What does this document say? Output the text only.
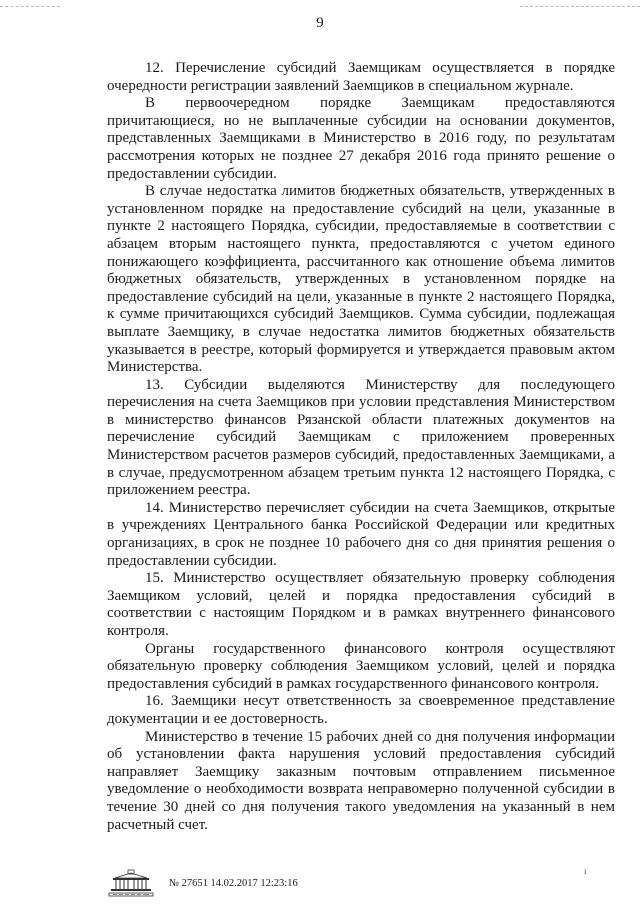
9

12. Перечисление субсидий Заемщикам осуществляется в порядке очередности регистрации заявлений Заемщиков в специальном журнале.

В первоочередном порядке Заемщикам предоставляются причитающиеся, но не выплаченные субсидии на основании документов, представленных Заемщиками в Министерство в 2016 году, по результатам рассмотрения которых не позднее 27 декабря 2016 года принято решение о предоставлении субсидии.

В случае недостатка лимитов бюджетных обязательств, утвержденных в установленном порядке на предоставление субсидий на цели, указанные в пункте 2 настоящего Порядка, субсидии, предоставляемые в соответствии с абзацем вторым настоящего пункта, предоставляются с учетом единого понижающего коэффициента, рассчитанного как отношение объема лимитов бюджетных обязательств, утвержденных в установленном порядке на предоставление субсидий на цели, указанные в пункте 2 настоящего Порядка, к сумме причитающихся субсидий Заемщиков. Сумма субсидии, подлежащая выплате Заемщику, в случае недостатка лимитов бюджетных обязательств указывается в реестре, который формируется и утверждается правовым актом Министерства.

13. Субсидии выделяются Министерству для последующего перечисления на счета Заемщиков при условии представления Министерством в министерство финансов Рязанской области платежных документов на перечисление субсидий Заемщикам с приложением проверенных Министерством расчетов размеров субсидий, предоставленных Заемщиками, а в случае, предусмотренном абзацем третьим пункта 12 настоящего Порядка, с приложением реестра.

14. Министерство перечисляет субсидии на счета Заемщиков, открытые в учреждениях Центрального банка Российской Федерации или кредитных организациях, в срок не позднее 10 рабочего дня со дня принятия решения о предоставлении субсидии.

15. Министерство осуществляет обязательную проверку соблюдения Заемщиком условий, целей и порядка предоставления субсидий в соответствии с настоящим Порядком и в рамках внутреннего финансового контроля.

Органы государственного финансового контроля осуществляют обязательную проверку соблюдения Заемщиком условий, целей и порядка предоставления субсидий в рамках государственного финансового контроля.

16. Заемщики несут ответственность за своевременное представление документации и ее достоверность.

Министерство в течение 15 рабочих дней со дня получения информации об установлении факта нарушения условий предоставления субсидий направляет Заемщику заказным почтовым отправлением письменное уведомление о необходимости возврата неправомерно полученной субсидии в течение 30 дней со дня получения такого уведомления на указанный в нем расчетный счет.

№ 27651 14.02.2017 12:23:16
ı
